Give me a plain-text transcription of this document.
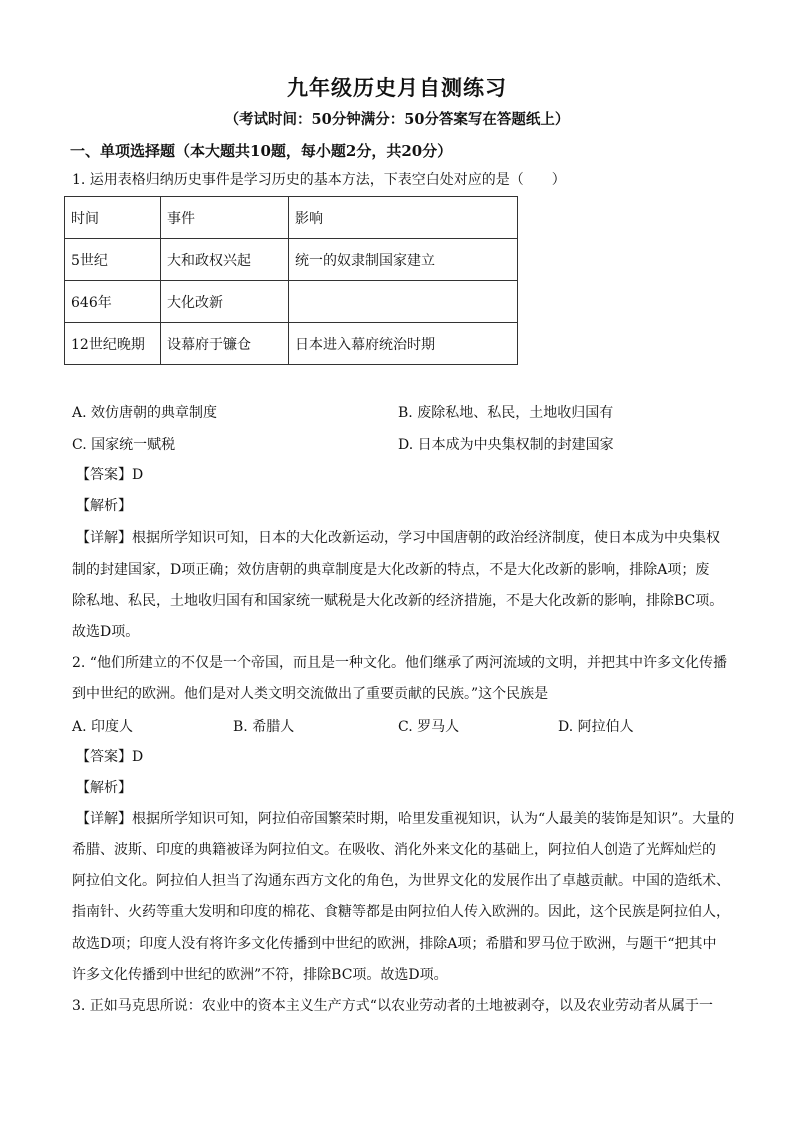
九年级历史月自测练习
（考试时间：50分钟满分：50分答案写在答题纸上）
一、单项选择题（本大题共10题，每小题2分，共20分）
1. 运用表格归纳历史事件是学习历史的基本方法，下表空白处对应的是（　　）
时间	事件	影响
5世纪	大和政权兴起	统一的奴隶制国家建立
646年	大化改新	
12世纪晚期	设幕府于镰仓	日本进入幕府统治时期
A. 效仿唐朝的典章制度	B. 废除私地、私民，土地收归国有
C. 国家统一赋税	D. 日本成为中央集权制的封建国家
【答案】D
【解析】
【详解】根据所学知识可知，日本的大化改新运动，学习中国唐朝的政治经济制度，使日本成为中央集权
制的封建国家，D项正确；效仿唐朝的典章制度是大化改新的特点，不是大化改新的影响，排除A项；废
除私地、私民，土地收归国有和国家统一赋税是大化改新的经济措施，不是大化改新的影响，排除BC项。
故选D项。
2. “他们所建立的不仅是一个帝国，而且是一种文化。他们继承了两河流域的文明，并把其中许多文化传播
到中世纪的欧洲。他们是对人类文明交流做出了重要贡献的民族。”这个民族是
A. 印度人	B. 希腊人	C. 罗马人	D. 阿拉伯人
【答案】D
【解析】
【详解】根据所学知识可知，阿拉伯帝国繁荣时期，哈里发重视知识，认为“人最美的装饰是知识”。大量的
希腊、波斯、印度的典籍被译为阿拉伯文。在吸收、消化外来文化的基础上，阿拉伯人创造了光辉灿烂的
阿拉伯文化。阿拉伯人担当了沟通东西方文化的角色，为世界文化的发展作出了卓越贡献。中国的造纸术、
指南针、火药等重大发明和印度的棉花、食糖等都是由阿拉伯人传入欧洲的。因此，这个民族是阿拉伯人，
故选D项；印度人没有将许多文化传播到中世纪的欧洲，排除A项；希腊和罗马位于欧洲，与题干“把其中
许多文化传播到中世纪的欧洲”不符，排除BC项。故选D项。
3. 正如马克思所说：农业中的资本主义生产方式“以农业劳动者的土地被剥夺，以及农业劳动者从属于一
